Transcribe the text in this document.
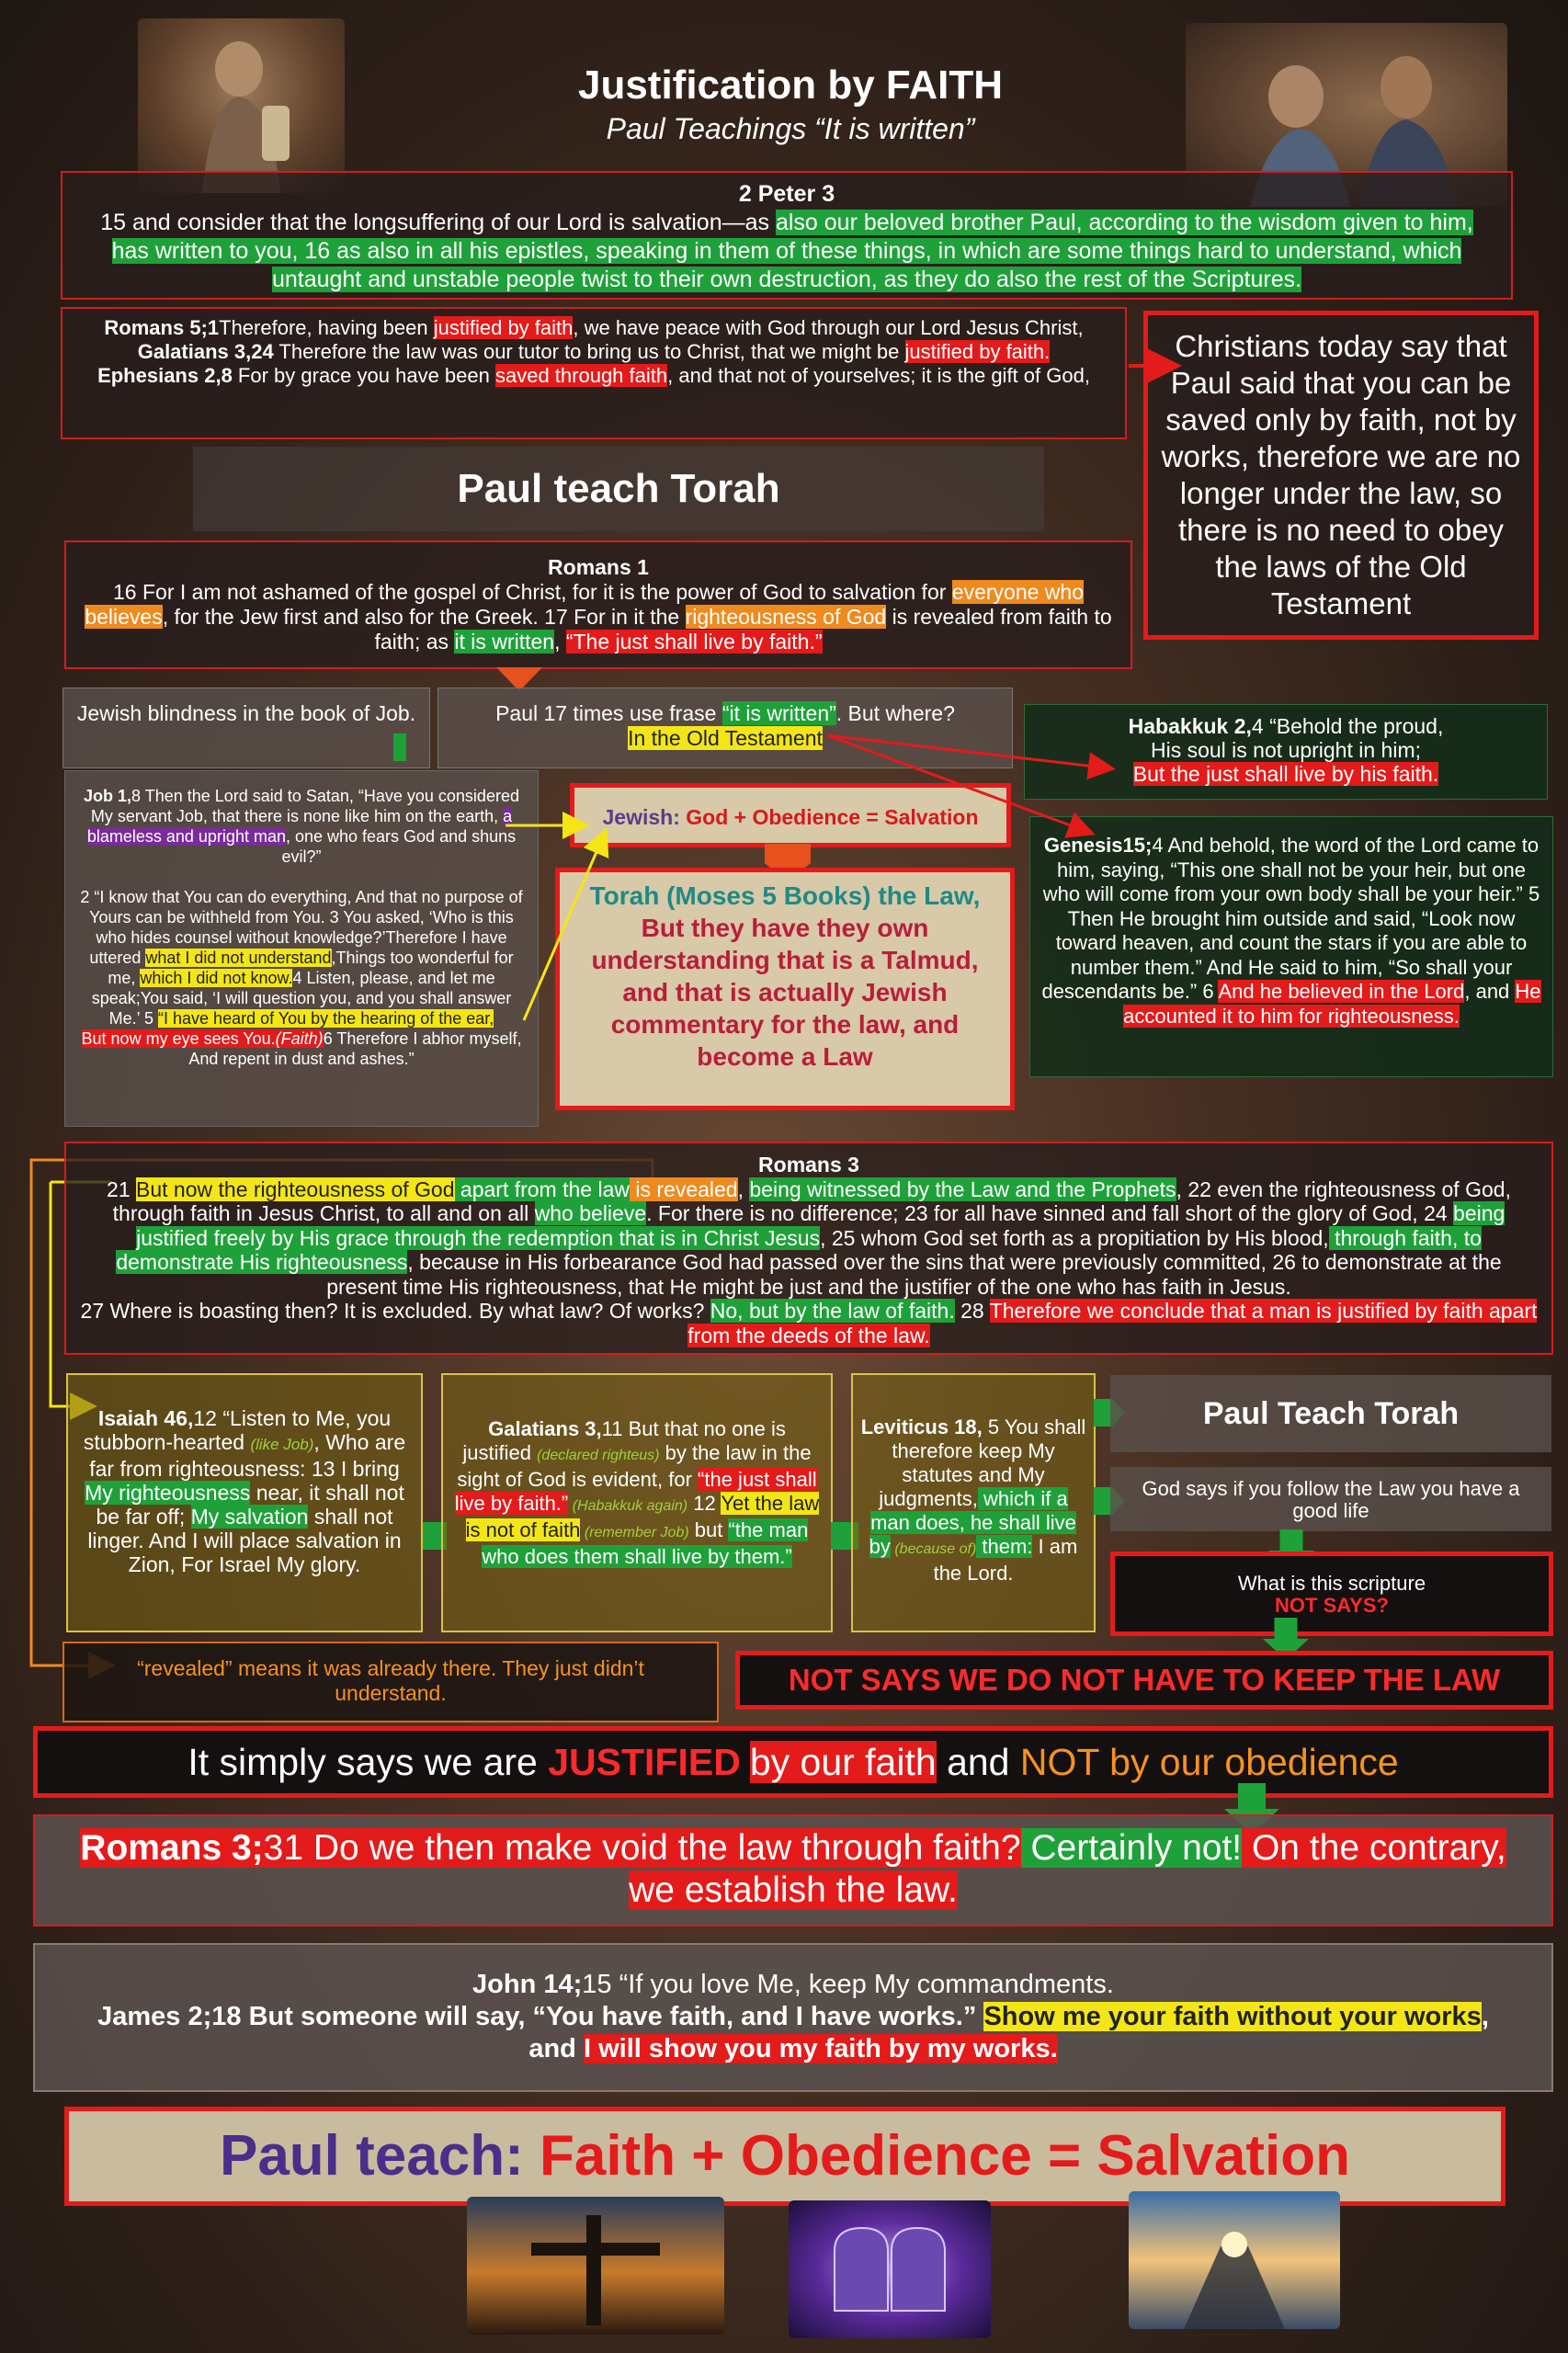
Justification by FAITH
Paul Teachings “It is written”
2 Peter 3
15 and consider that the longsuffering of our Lord is salvation—as also our beloved brother Paul, according to the wisdom given to him, has written to you, 16 as also in all his epistles, speaking in them of these things, in which are some things hard to understand, which untaught and unstable people twist to their own destruction, as they do also the rest of the Scriptures.
Romans 5;1Therefore, having been justified by faith, we have peace with God through our Lord Jesus Christ,
Galatians 3,24 Therefore the law was our tutor to bring us to Christ, that we might be justified by faith.
Ephesians 2,8 For by grace you have been saved through faith, and that not of yourselves; it is the gift of God,
Christians today say that Paul said that you can be saved only by faith, not by works, therefore we are no longer under the law, so there is no need to obey the laws of the Old Testament
Paul teach Torah
Romans 1
16 For I am not ashamed of the gospel of Christ, for it is the power of God to salvation for everyone who believes, for the Jew first and also for the Greek. 17 For in it the righteousness of God is revealed from faith to faith; as it is written, “The just shall live by faith.”
Jewish blindness in the book of Job.	Paul 17 times use frase “it is written”. But where?
In the Old Testament	Habakkuk 2,4 “Behold the proud,
His soul is not upright in him;
But the just shall live by his faith.
Job 1,8 Then the Lord said to Satan, “Have you considered My servant Job, that there is none like him on the earth, a blameless and upright man, one who fears God and shuns evil?”
2 “I know that You can do everything, And that no purpose of Yours can be withheld from You. 3 You asked, ‘Who is this who hides counsel without knowledge?’Therefore I have uttered what I did not understand,Things too wonderful for me, which I did not know.4 Listen, please, and let me speak;You said, ‘I will question you, and you shall answer Me.’ 5 “I have heard of You by the hearing of the ear,
But now my eye sees You.(Faith)6 Therefore I abhor myself,
And repent in dust and ashes.”
Jewish: God + Obedience = Salvation
Torah (Moses 5 Books) the Law,
But they have they own understanding that is a Talmud, and that is actually Jewish commentary for the law, and become a Law
Genesis15;4 And behold, the word of the Lord came to him, saying, “This one shall not be your heir, but one who will come from your own body shall be your heir.” 5 Then He brought him outside and said, “Look now toward heaven, and count the stars if you are able to number them.” And He said to him, “So shall your descendants be.” 6 And he believed in the Lord, and He accounted it to him for righteousness.
Romans 3
21 But now the righteousness of God apart from the law is revealed, being witnessed by the Law and the Prophets, 22 even the righteousness of God, through faith in Jesus Christ, to all and on all who believe. For there is no difference; 23 for all have sinned and fall short of the glory of God, 24 being justified freely by His grace through the redemption that is in Christ Jesus, 25 whom God set forth as a propitiation by His blood, through faith, to demonstrate His righteousness, because in His forbearance God had passed over the sins that were previously committed, 26 to demonstrate at the present time His righteousness, that He might be just and the justifier of the one who has faith in Jesus.
27 Where is boasting then? It is excluded. By what law? Of works? No, but by the law of faith. 28 Therefore we conclude that a man is justified by faith apart from the deeds of the law.
Isaiah 46,12 “Listen to Me, you stubborn-hearted (like Job), Who are far from righteousness: 13 I bring My righteousness near, it shall not be far off; My salvation shall not linger. And I will place salvation in Zion, For Israel My glory.
Galatians 3,11 But that no one is justified (declared righteus) by the law in the sight of God is evident, for “the just shall live by faith.” (Habakkuk again) 12 Yet the law is not of faith (remember Job) but “the man who does them shall live by them.”
Leviticus 18, 5 You shall therefore keep My statutes and My judgments, which if a man does, he shall live by (because of) them: I am the Lord.
Paul Teach Torah
God says if you follow the Law you have a good life
What is this scripture
NOT SAYS?
“revealed” means it was already there. They just didn’t understand.	NOT SAYS WE DO NOT HAVE TO KEEP THE LAW
It simply says we are JUSTIFIED by our faith and NOT by our obedience
Romans 3;31 Do we then make void the law through faith? Certainly not! On the contrary, we establish the law.
John 14;15 “If you love Me, keep My commandments.
James 2;18 But someone will say, “You have faith, and I have works.” Show me your faith without your works, and I will show you my faith by my works.
Paul teach: Faith + Obedience = Salvation
